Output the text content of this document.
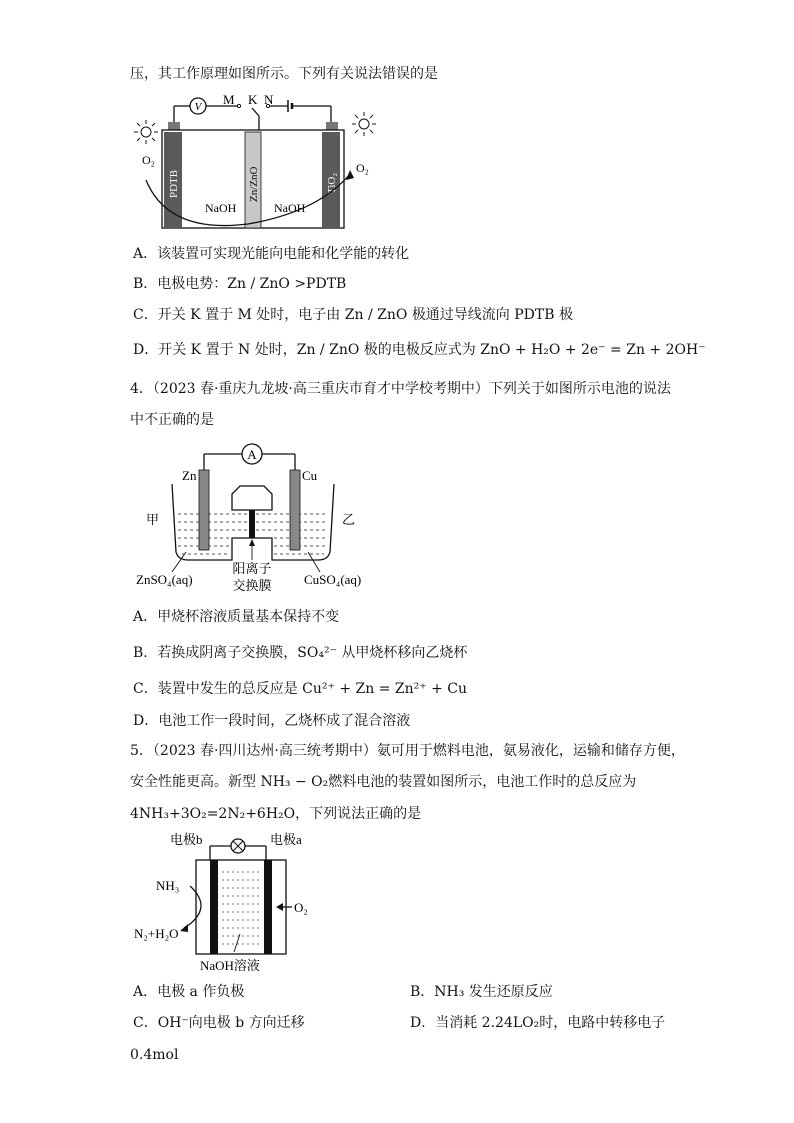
压，其工作原理如图所示。下列有关说法错误的是
V M K N
PDTB	Zn/ZnO	TiO₂
NaOH	NaOH
O₂
O₂
A．该装置可实现光能向电能和化学能的转化
B．电极电势：Zn / ZnO >PDTB
C．开关 K 置于 M 处时，电子由 Zn / ZnO 极通过导线流向 PDTB 极
D．开关 K 置于 N 处时，Zn / ZnO 极的电极反应式为 ZnO + H₂O + 2e⁻ = Zn + 2OH⁻
4．（2023 春·重庆九龙坡·高三重庆市育才中学校考期中）下列关于如图所示电池的说法
中不正确的是
A
Zn	Cu
甲	乙
ZnSO₄(aq)	CuSO₄(aq)
阳离子
交换膜
A．甲烧杯溶液质量基本保持不变
B．若换成阴离子交换膜，SO₄²⁻ 从甲烧杯移向乙烧杯
C．装置中发生的总反应是 Cu²⁺ + Zn = Zn²⁺ + Cu
D．电池工作一段时间，乙烧杯成了混合溶液
5．（2023 春·四川达州·高三统考期中）氨可用于燃料电池，氨易液化，运输和储存方便，
安全性能更高。新型 NH₃ − O₂燃料电池的装置如图所示，电池工作时的总反应为
4NH₃+3O₂=2N₂+6H₂O，下列说法正确的是
电极b	电极a
NH₃
N₂+H₂O
O₂
NaOH溶液
A．电极 a 作负极	B．NH₃ 发生还原反应
C．OH⁻向电极 b 方向迁移	D．当消耗 2.24LO₂时，电路中转移电子
0.4mol
